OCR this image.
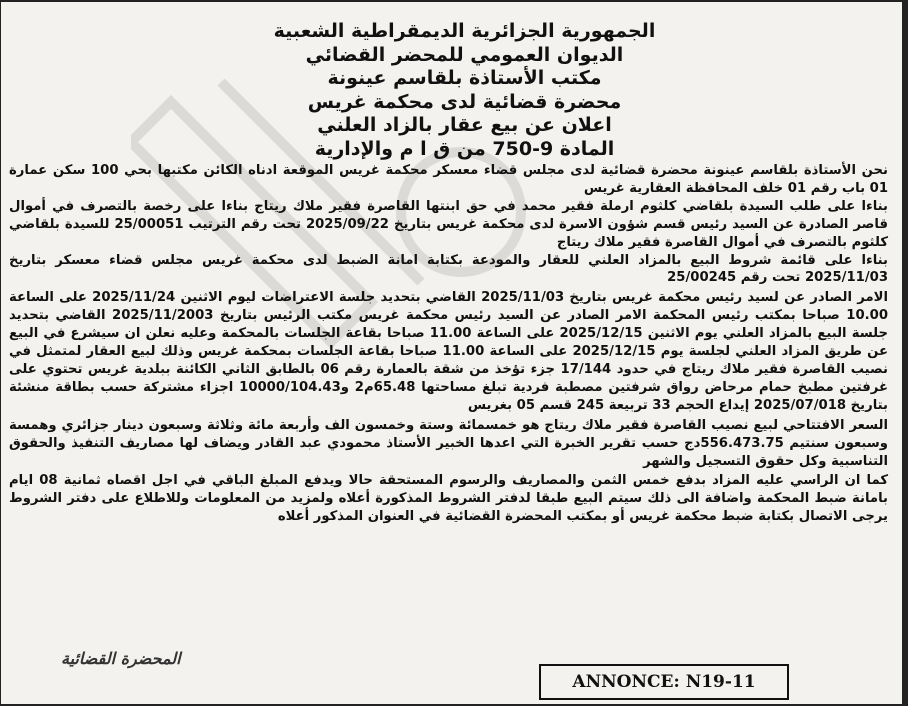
الجمهورية الجزائرية الديمقراطية الشعبية

الديوان العمومي للمحضر القضائي

مكتب الأستاذة بلقاسم عينونة

محضرة قضائية لدى محكمة غريس

اعلان عن بيع عقار بالزاد العلني

المادة 9-750 من ق ا م والإدارية

نحن الأستاذة بلقاسم عينونة محضرة قضائية لدى مجلس قضاء معسكر محكمة غريس الموقعة ادناه الكائن مكتبها بحي 100 سكن عمارة 01 باب رقم 01 خلف المحافظة العقارية غريس

بناءا على طلب السيدة بلقاضي كلثوم ارملة فقير محمد في حق ابنتها القاصرة فقير ملاك ريتاج بناءا على رخصة بالتصرف في أموال قاصر الصادرة عن السيد رئيس قسم شؤون الاسرة لدى محكمة غريس بتاريخ 2025/09/22 تحت رقم الترتيب 25/00051 للسيدة بلقاضي كلثوم بالتصرف في أموال القاصرة فقير ملاك ريتاج

بناءا على قائمة شروط البيع بالمزاد العلني للعقار والمودعة بكتابة امانة الضبط لدى محكمة غريس مجلس قضاء معسكر بتاريخ 2025/11/03 تحت رقم 25/00245

الامر الصادر عن لسيد رئيس محكمة غريس بتاريخ 2025/11/03 القاضي بتحديد جلسة الاعتراضات ليوم الاثنين 2025/11/24 على الساعة 10.00 صباحا بمكتب رئيس المحكمة الامر الصادر عن السيد رئيس محكمة غريس مكتب الرئيس بتاريخ 2025/11/2003 القاضي بتحديد جلسة البيع بالمزاد العلني يوم الاثنين 2025/12/15 على الساعة 11.00 صباحا بقاعة الجلسات بالمحكمة وعليه نعلن ان سيشرع في البيع عن طريق المزاد العلني لجلسة يوم 2025/12/15 على الساعة 11.00 صباحا بقاعة الجلسات بمحكمة غريس وذلك لبيع العقار لمتمثل في نصيب القاصرة فقير ملاك ريتاج في حدود 17/144 جزء تؤخذ من شقة بالعمارة رقم 06 بالطابق الثاني الكائنة ببلدية غريس تحتوي على غرفتين مطبخ حمام مرحاض رواق شرفتين مصطبة فردية تبلغ مساحتها 65.48م2 و10000/104.43 اجزاء مشتركة حسب بطاقة منشئة بتاريخ 2025/07/018 إيداع الحجم 33 تربيعة 245 قسم 05 بغريس

السعر الافتتاحي لبيع نصيب القاصرة فقير ملاك ريتاج هو خمسمائة وستة وخمسون الف وأربعة مائة وثلاثة وسبعون دينار جزائري وهمسة وسبعون سنتيم 556.473.75دج حسب تقرير الخبرة التي اعدها الخبير الأستاذ محمودي عبد القادر ويضاف لها مصاريف التنفيذ والحقوق التناسبية وكل حقوق التسجيل والشهر

كما ان الراسي عليه المزاد بدفع خمس الثمن والمصاريف والرسوم المستحقة حالا ويدفع المبلغ الباقي في اجل اقصاه ثمانية 08 ايام بامانة ضبط المحكمة واضافة الى ذلك سيتم البيع طبقا لدفتر الشروط المذكورة أعلاه ولمزيد من المعلومات وللاطلاع على دفتر الشروط يرجى الاتصال بكتابة ضبط محكمة غريس أو بمكتب المحضرة القضائية في العنوان المذكور أعلاه

المحضرة القضائية
ANNONCE: N19-11
